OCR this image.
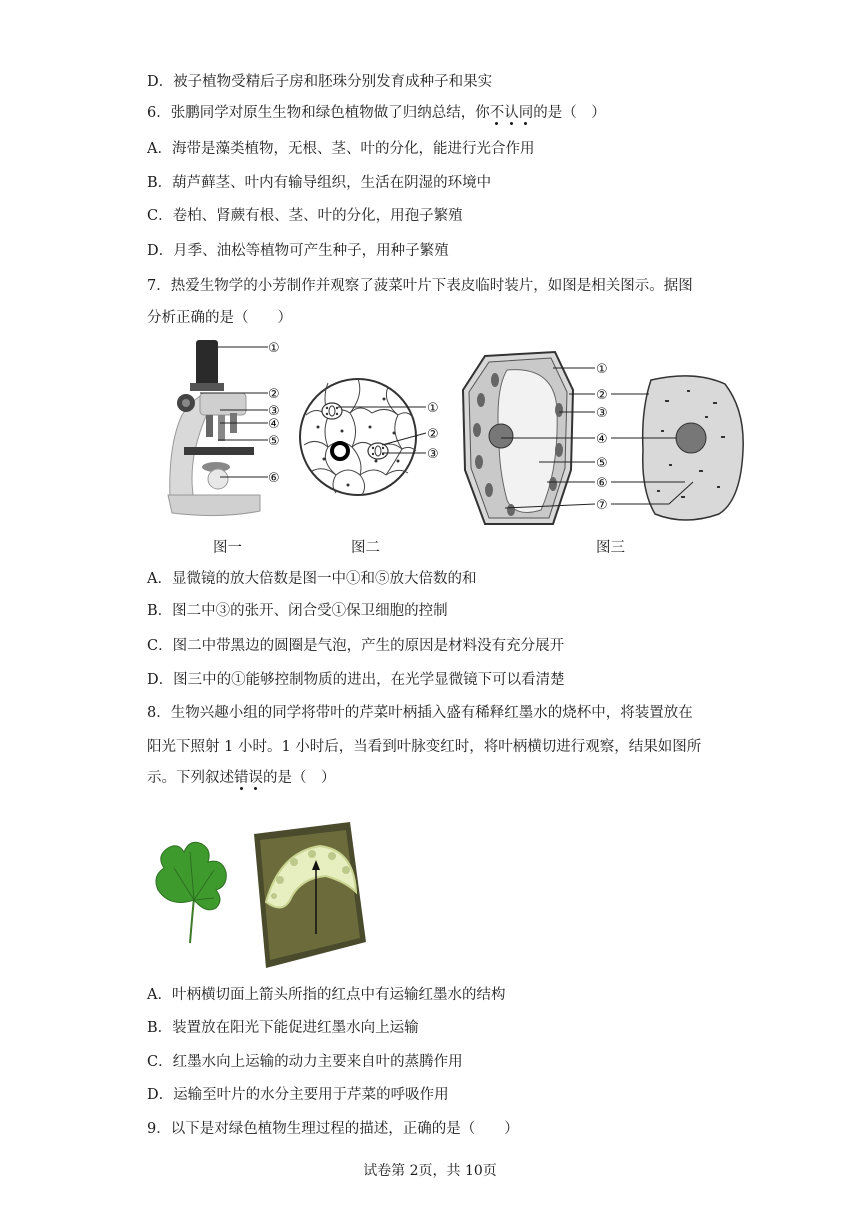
D．被子植物受精后子房和胚珠分别发育成种子和果实
6．张鹏同学对原生生物和绿色植物做了归纳总结，你不认同的是（　）
A．海带是藻类植物，无根、茎、叶的分化，能进行光合作用
B．葫芦藓茎、叶内有输导组织，生活在阴湿的环境中
C．卷柏、肾蕨有根、茎、叶的分化，用孢子繁殖
D．月季、油松等植物可产生种子，用种子繁殖
7．热爱生物学的小芳制作并观察了菠菜叶片下表皮临时装片，如图是相关图示。据图
分析正确的是（　　）
①
②
③
④
⑤
⑥
图一
①
②
③
图二
①
②
③
④
⑤
⑥
⑦
图三
A．显微镜的放大倍数是图一中①和⑤放大倍数的和
B．图二中③的张开、闭合受①保卫细胞的控制
C．图二中带黑边的圆圈是气泡，产生的原因是材料没有充分展开
D．图三中的①能够控制物质的进出，在光学显微镜下可以看清楚
8．生物兴趣小组的同学将带叶的芹菜叶柄插入盛有稀释红墨水的烧杯中，将装置放在
阳光下照射 1 小时。1 小时后，当看到叶脉变红时，将叶柄横切进行观察，结果如图所
示。下列叙述错误的是（　）
A．叶柄横切面上箭头所指的红点中有运输红墨水的结构
B．装置放在阳光下能促进红墨水向上运输
C．红墨水向上运输的动力主要来自叶的蒸腾作用
D．运输至叶片的水分主要用于芹菜的呼吸作用
9．以下是对绿色植物生理过程的描述，正确的是（　　）
试卷第 2页，共 10页
